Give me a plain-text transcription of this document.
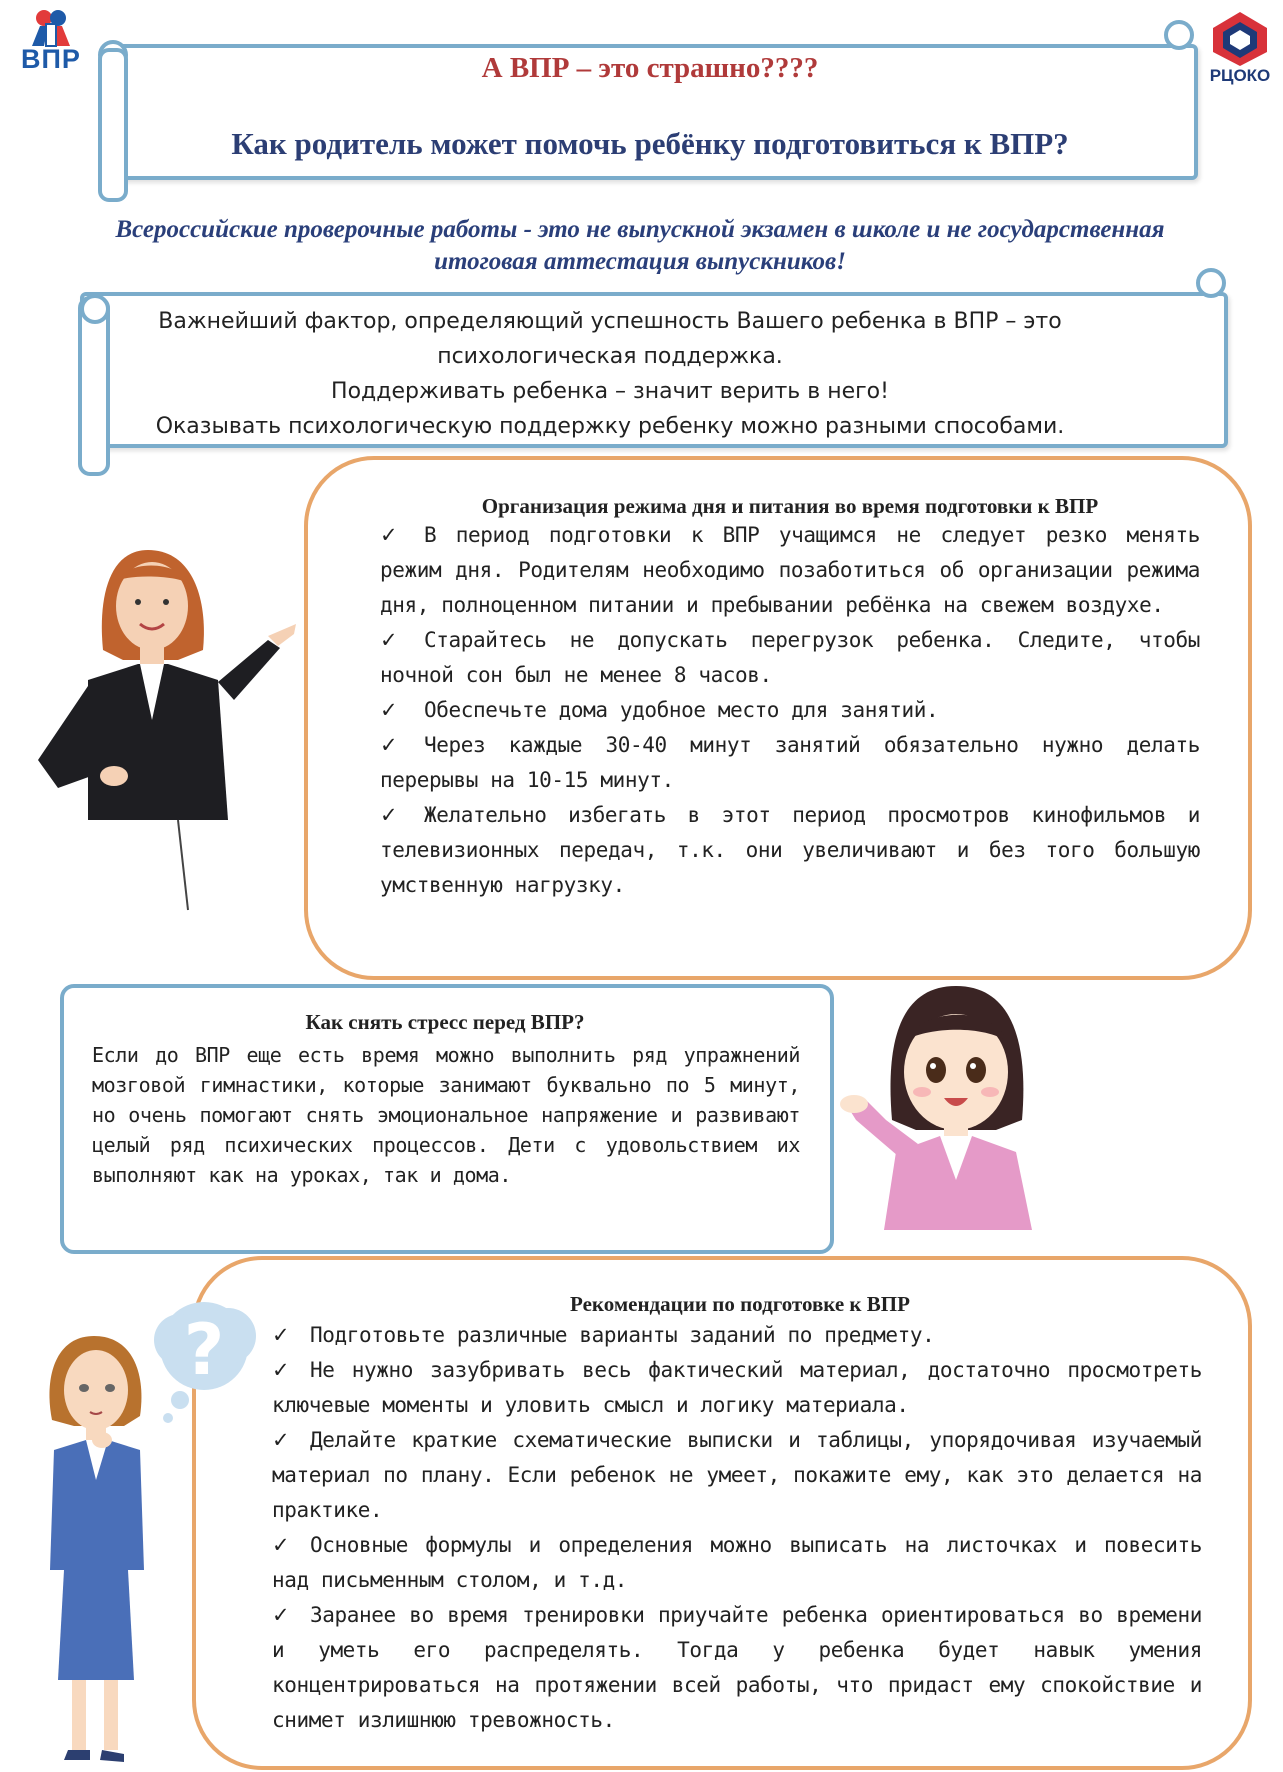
ВПР
РЦОКО
А ВПР – это страшно????
Как родитель может помочь ребёнку подготовиться к ВПР?
Всероссийские проверочные работы - это не выпускной экзамен в школе и не государственная итоговая аттестация выпускников!
Важнейший фактор, определяющий успешность Вашего ребенка в ВПР – это психологическая поддержка.
Поддерживать ребенка – значит верить в него!
Оказывать психологическую поддержку ребенку можно разными способами.
Организация режима дня и питания во время подготовки к ВПР
✓ В период подготовки к ВПР учащимся не следует резко менять режим дня. Родителям необходимо позаботиться об организации режима дня, полноценном питании и пребывании ребёнка на свежем воздухе.
✓ Старайтесь не допускать перегрузок ребенка. Следите, чтобы ночной сон был не менее 8 часов.
✓ Обеспечьте дома удобное место для занятий.
✓ Через каждые 30-40 минут занятий обязательно нужно делать перерывы на 10-15 минут.
✓ Желательно избегать в этот период просмотров кинофильмов и телевизионных передач, т.к. они увеличивают и без того большую умственную нагрузку.
Как снять стресс перед ВПР?
Если до ВПР еще есть время можно выполнить ряд упражнений мозговой гимнастики, которые занимают буквально по 5 минут, но очень помогают снять эмоциональное напряжение и развивают целый ряд психических процессов. Дети с удовольствием их выполняют как на уроках, так и дома.
Рекомендации по подготовке к ВПР
✓ Подготовьте различные варианты заданий по предмету.
✓ Не нужно зазубривать весь фактический материал, достаточно просмотреть ключевые моменты и уловить смысл и логику материала.
✓ Делайте краткие схематические выписки и таблицы, упорядочивая изучаемый материал по плану. Если ребенок не умеет, покажите ему, как это делается на практике.
✓ Основные формулы и определения можно выписать на листочках и повесить над письменным столом, и т.д.
✓ Заранее во время тренировки приучайте ребенка ориентироваться во времени и уметь его распределять. Тогда у ребенка будет навык умения концентрироваться на протяжении всей работы, что придаст ему спокойствие и снимет излишнюю тревожность.
?
